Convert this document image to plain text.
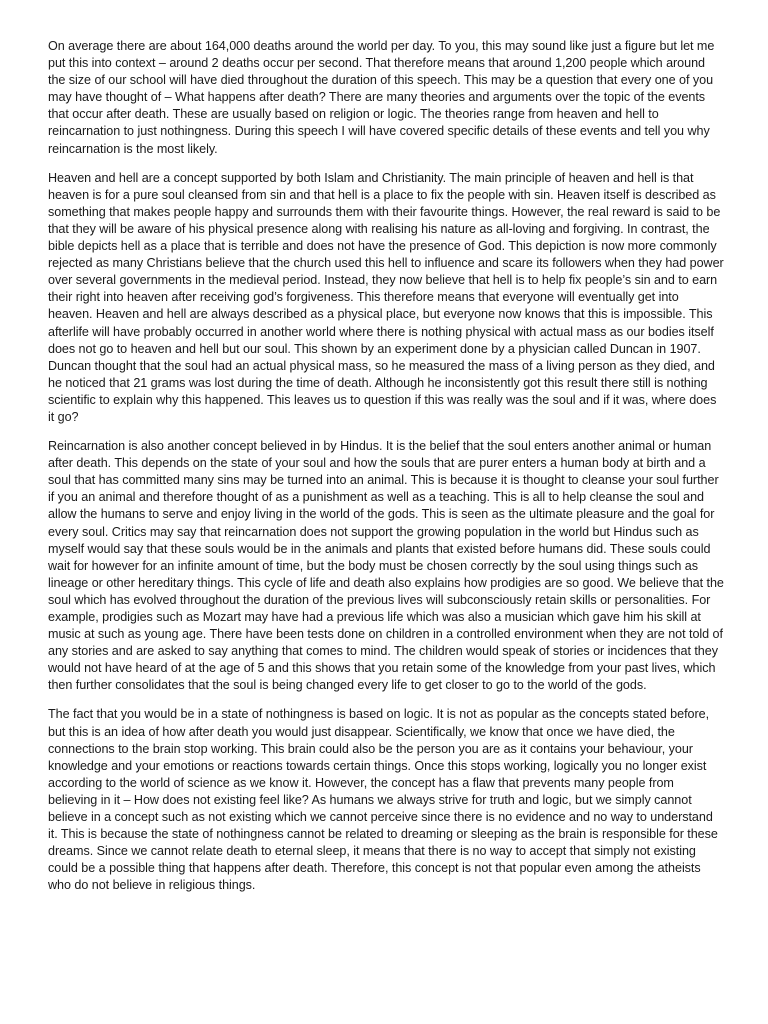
On average there are about 164,000 deaths around the world per day. To you, this may sound like just a figure but let me put this into context – around 2 deaths occur per second. That therefore means that around 1,200 people which around the size of our school will have died throughout the duration of this speech. This may be a question that every one of you may have thought of – What happens after death? There are many theories and arguments over the topic of the events that occur after death. These are usually based on religion or logic. The theories range from heaven and hell to reincarnation to just nothingness. During this speech I will have covered specific details of these events and tell you why reincarnation is the most likely.

Heaven and hell are a concept supported by both Islam and Christianity. The main principle of heaven and hell is that heaven is for a pure soul cleansed from sin and that hell is a place to fix the people with sin. Heaven itself is described as something that makes people happy and surrounds them with their favourite things. However, the real reward is said to be that they will be aware of his physical presence along with realising his nature as all-loving and forgiving. In contrast, the bible depicts hell as a place that is terrible and does not have the presence of God. This depiction is now more commonly rejected as many Christians believe that the church used this hell to influence and scare its followers when they had power over several governments in the medieval period. Instead, they now believe that hell is to help fix people’s sin and to earn their right into heaven after receiving god’s forgiveness. This therefore means that everyone will eventually get into heaven. Heaven and hell are always described as a physical place, but everyone now knows that this is impossible. This afterlife will have probably occurred in another world where there is nothing physical with actual mass as our bodies itself does not go to heaven and hell but our soul. This shown by an experiment done by a physician called Duncan in 1907. Duncan thought that the soul had an actual physical mass, so he measured the mass of a living person as they died, and he noticed that 21 grams was lost during the time of death. Although he inconsistently got this result there still is nothing scientific to explain why this happened. This leaves us to question if this was really was the soul and if it was, where does it go?

Reincarnation is also another concept believed in by Hindus. It is the belief that the soul enters another animal or human after death. This depends on the state of your soul and how the souls that are purer enters a human body at birth and a soul that has committed many sins may be turned into an animal. This is because it is thought to cleanse your soul further if you an animal and therefore thought of as a punishment as well as a teaching. This is all to help cleanse the soul and allow the humans to serve and enjoy living in the world of the gods. This is seen as the ultimate pleasure and the goal for every soul. Critics may say that reincarnation does not support the growing population in the world but Hindus such as myself would say that these souls would be in the animals and plants that existed before humans did. These souls could wait for however for an infinite amount of time, but the body must be chosen correctly by the soul using things such as lineage or other hereditary things. This cycle of life and death also explains how prodigies are so good. We believe that the soul which has evolved throughout the duration of the previous lives will subconsciously retain skills or personalities. For example, prodigies such as Mozart may have had a previous life which was also a musician which gave him his skill at music at such as young age. There have been tests done on children in a controlled environment when they are not told of any stories and are asked to say anything that comes to mind. The children would speak of stories or incidences that they would not have heard of at the age of 5 and this shows that you retain some of the knowledge from your past lives, which then further consolidates that the soul is being changed every life to get closer to go to the world of the gods.

The fact that you would be in a state of nothingness is based on logic. It is not as popular as the concepts stated before, but this is an idea of how after death you would just disappear. Scientifically, we know that once we have died, the connections to the brain stop working. This brain could also be the person you are as it contains your behaviour, your knowledge and your emotions or reactions towards certain things. Once this stops working, logically you no longer exist according to the world of science as we know it. However, the concept has a flaw that prevents many people from believing in it – How does not existing feel like? As humans we always strive for truth and logic, but we simply cannot believe in a concept such as not existing which we cannot perceive since there is no evidence and no way to understand it. This is because the state of nothingness cannot be related to dreaming or sleeping as the brain is responsible for these dreams. Since we cannot relate death to eternal sleep, it means that there is no way to accept that simply not existing could be a possible thing that happens after death. Therefore, this concept is not that popular even among the atheists who do not believe in religious things.
